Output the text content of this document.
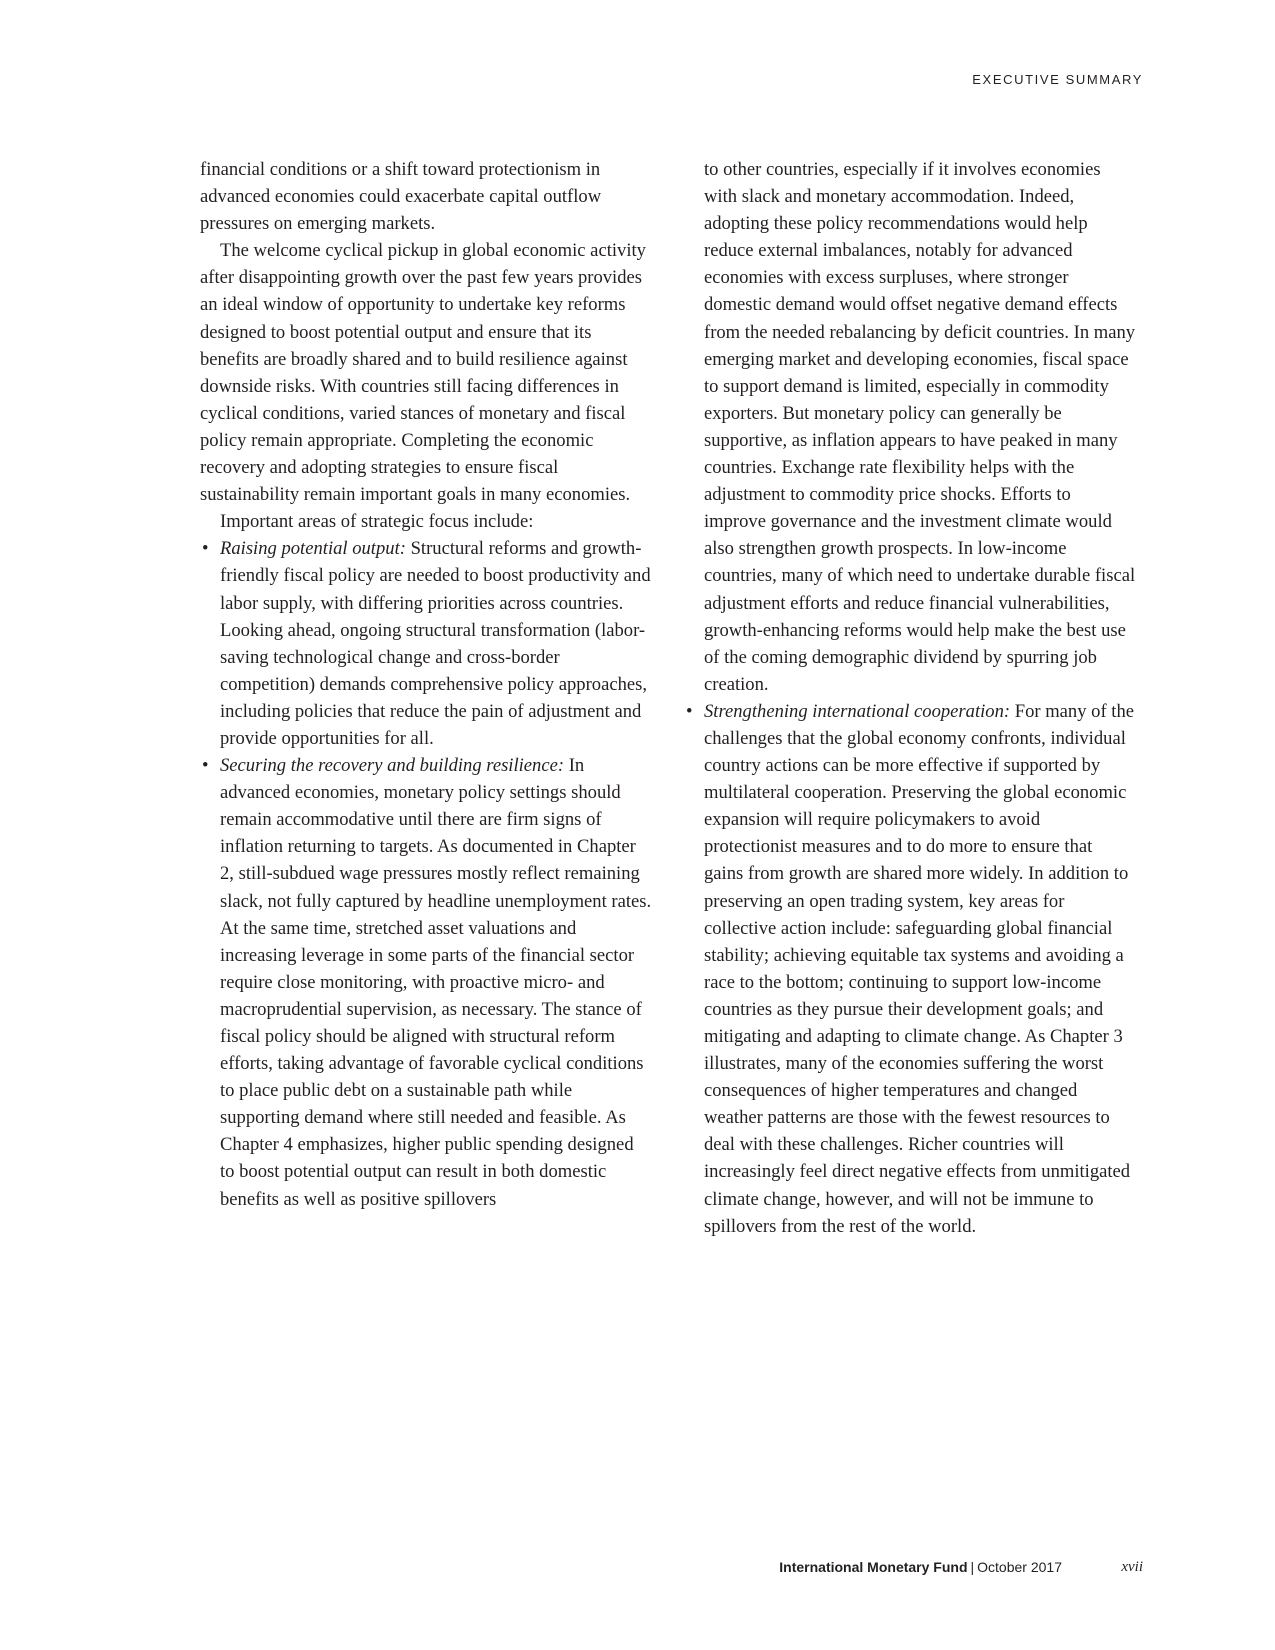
EXECUTIVE SUMMARY

financial conditions or a shift toward protectionism in advanced economies could exacerbate capital outflow pressures on emerging markets.

The welcome cyclical pickup in global economic activity after disappointing growth over the past few years provides an ideal window of opportunity to undertake key reforms designed to boost potential output and ensure that its benefits are broadly shared and to build resilience against downside risks. With countries still facing differences in cyclical conditions, varied stances of monetary and fiscal policy remain appropriate. Completing the economic recovery and adopting strategies to ensure fiscal sustainability remain important goals in many economies.

Important areas of strategic focus include:

• Raising potential output: Structural reforms and growth-friendly fiscal policy are needed to boost productivity and labor supply, with differing priorities across countries. Looking ahead, ongoing structural transformation (labor-saving technological change and cross-border competition) demands comprehensive policy approaches, including policies that reduce the pain of adjustment and provide opportunities for all.

• Securing the recovery and building resilience: In advanced economies, monetary policy settings should remain accommodative until there are firm signs of inflation returning to targets. As documented in Chapter 2, still-subdued wage pressures mostly reflect remaining slack, not fully captured by headline unemployment rates. At the same time, stretched asset valuations and increasing leverage in some parts of the financial sector require close monitoring, with proactive micro- and macroprudential supervision, as necessary. The stance of fiscal policy should be aligned with structural reform efforts, taking advantage of favorable cyclical conditions to place public debt on a sustainable path while supporting demand where still needed and feasible. As Chapter 4 emphasizes, higher public spending designed to boost potential output can result in both domestic benefits as well as positive spillovers

to other countries, especially if it involves economies with slack and monetary accommodation. Indeed, adopting these policy recommendations would help reduce external imbalances, notably for advanced economies with excess surpluses, where stronger domestic demand would offset negative demand effects from the needed rebalancing by deficit countries. In many emerging market and developing economies, fiscal space to support demand is limited, especially in commodity exporters. But monetary policy can generally be supportive, as inflation appears to have peaked in many countries. Exchange rate flexibility helps with the adjustment to commodity price shocks. Efforts to improve governance and the investment climate would also strengthen growth prospects. In low-income countries, many of which need to undertake durable fiscal adjustment efforts and reduce financial vulnerabilities, growth-enhancing reforms would help make the best use of the coming demographic dividend by spurring job creation.

• Strengthening international cooperation: For many of the challenges that the global economy confronts, individual country actions can be more effective if supported by multilateral cooperation. Preserving the global economic expansion will require policymakers to avoid protectionist measures and to do more to ensure that gains from growth are shared more widely. In addition to preserving an open trading system, key areas for collective action include: safeguarding global financial stability; achieving equitable tax systems and avoiding a race to the bottom; continuing to support low-income countries as they pursue their development goals; and mitigating and adapting to climate change. As Chapter 3 illustrates, many of the economies suffering the worst consequences of higher temperatures and changed weather patterns are those with the fewest resources to deal with these challenges. Richer countries will increasingly feel direct negative effects from unmitigated climate change, however, and will not be immune to spillovers from the rest of the world.

International Monetary Fund | October 2017	xvii
